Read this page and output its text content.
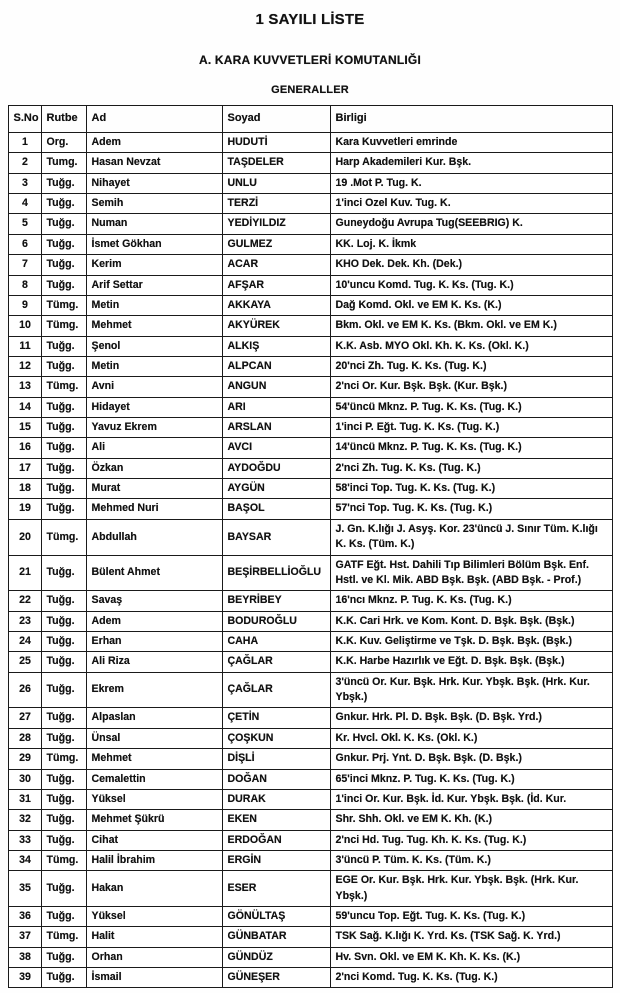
1 SAYILI LİSTE
A. KARA KUVVETLERİ KOMUTANLIĞI
GENERALLER
S.No	Rutbe	Ad	Soyad	Birligi
1	Org.	Adem	HUDUTİ	Kara Kuvvetleri emrinde
2	Tumg.	Hasan Nevzat	TAŞDELER	Harp Akademileri Kur. Bşk.
3	Tuğg.	Nihayet	UNLU	19 .Mot P. Tug. K.
4	Tuğg.	Semih	TERZİ	1'inci Ozel Kuv. Tug. K.
5	Tuğg.	Numan	YEDİYILDIZ	Guneydoğu Avrupa Tug(SEEBRIG) K.
6	Tuğg.	İsmet Gökhan	GULMEZ	KK. Loj. K. İkmk
7	Tuğg.	Kerim	ACAR	KHO Dek. Dek. Kh. (Dek.)
8	Tuğg.	Arif Settar	AFŞAR	10'uncu Komd. Tug. K. Ks. (Tug. K.)
9	Tümg.	Metin	AKKAYA	Dağ Komd. Okl. ve EM K. Ks. (K.)
10	Tümg.	Mehmet	AKYÜREK	Bkm. Okl. ve EM K. Ks. (Bkm. Okl. ve EM K.)
11	Tuğg.	Şenol	ALKIŞ	K.K. Asb. MYO Okl. Kh. K. Ks. (Okl. K.)
12	Tuğg.	Metin	ALPCAN	20'nci Zh. Tug. K. Ks. (Tug. K.)
13	Tümg.	Avni	ANGUN	2'nci Or. Kur. Bşk. Bşk. (Kur. Bşk.)
14	Tuğg.	Hidayet	ARI	54'üncü Mknz. P. Tug. K. Ks. (Tug. K.)
15	Tuğg.	Yavuz Ekrem	ARSLAN	1'inci P. Eğt. Tug. K. Ks. (Tug. K.)
16	Tuğg.	Ali	AVCI	14'üncü Mknz. P. Tug. K. Ks. (Tug. K.)
17	Tuğg.	Özkan	AYDOĞDU	2'nci Zh. Tug. K. Ks. (Tug. K.)
18	Tuğg.	Murat	AYGÜN	58'inci Top. Tug. K. Ks. (Tug. K.)
19	Tuğg.	Mehmed Nuri	BAŞOL	57'nci Top. Tug. K. Ks. (Tug. K.)
20	Tümg.	Abdullah	BAYSAR	J. Gn. K.lığı J. Asyş. Kor. 23'üncü J. Sınır Tüm. K.lığı K. Ks. (Tüm. K.)
21	Tuğg.	Bülent Ahmet	BEŞİRBELLİOĞLU	GATF Eğt. Hst. Dahili Tıp Bilimleri Bölüm Bşk. Enf. Hstl. ve Kl. Mik. ABD Bşk. Bşk. (ABD Bşk. - Prof.)
22	Tuğg.	Savaş	BEYRİBEY	16'ncı Mknz. P. Tug. K. Ks. (Tug. K.)
23	Tuğg.	Adem	BODUROĞLU	K.K. Cari Hrk. ve Kom. Kont. D. Bşk. Bşk. (Bşk.)
24	Tuğg.	Erhan	CAHA	K.K. Kuv. Geliştirme ve Tşk. D. Bşk. Bşk. (Bşk.)
25	Tuğg.	Ali Riza	ÇAĞLAR	K.K. Harbe Hazırlık ve Eğt. D. Bşk. Bşk. (Bşk.)
26	Tuğg.	Ekrem	ÇAĞLAR	3'üncü Or. Kur. Bşk. Hrk. Kur. Ybşk. Bşk. (Hrk. Kur. Ybşk.)
27	Tuğg.	Alpaslan	ÇETİN	Gnkur. Hrk. Pl. D. Bşk. Bşk. (D. Bşk. Yrd.)
28	Tuğg.	Ünsal	ÇOŞKUN	Kr. Hvcl. Okl. K. Ks. (Okl. K.)
29	Tümg.	Mehmet	DİŞLİ	Gnkur. Prj. Ynt. D. Bşk. Bşk. (D. Bşk.)
30	Tuğg.	Cemalettin	DOĞAN	65'inci Mknz. P. Tug. K. Ks. (Tug. K.)
31	Tuğg.	Yüksel	DURAK	1'inci Or. Kur. Bşk. İd. Kur. Ybşk. Bşk. (İd. Kur.
32	Tuğg.	Mehmet Şükrü	EKEN	Shr. Shh. Okl. ve EM K. Kh. (K.)
33	Tuğg.	Cihat	ERDOĞAN	2'nci Hd. Tug. Tug. Kh. K. Ks. (Tug. K.)
34	Tümg.	Halil İbrahim	ERGİN	3'üncü P. Tüm. K. Ks. (Tüm. K.)
35	Tuğg.	Hakan	ESER	EGE Or. Kur. Bşk. Hrk. Kur. Ybşk. Bşk. (Hrk. Kur. Ybşk.)
36	Tuğg.	Yüksel	GÖNÜLTAŞ	59'uncu Top. Eğt. Tug. K. Ks. (Tug. K.)
37	Tümg.	Halit	GÜNBATAR	TSK Sağ. K.lığı K. Yrd. Ks. (TSK Sağ. K. Yrd.)
38	Tuğg.	Orhan	GÜNDÜZ	Hv. Svn. Okl. ve EM K. Kh. K. Ks. (K.)
39	Tuğg.	İsmail	GÜNEŞER	2'nci Komd. Tug. K. Ks. (Tug. K.)
